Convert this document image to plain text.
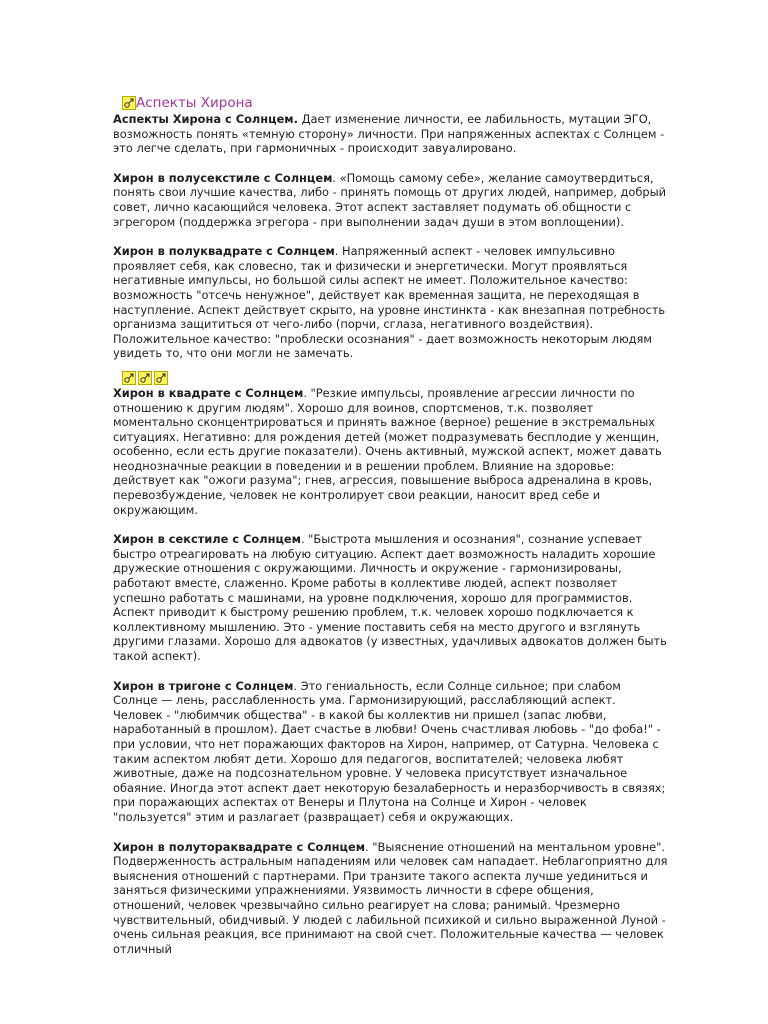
Аспекты Хирона

Аспекты Хирона с Солнцем. Дает изменение личности, ее лабильность, мутации ЭГО, возможность понять «темную сторону» личности. При напряженных аспектах с Солнцем - это легче сделать, при гармоничных - происходит завуалировано.

Хирон в полусекстиле с Солнцем. «Помощь самому себе», желание самоутвердиться, понять свои лучшие качества, либо - принять помощь от других людей, например, добрый совет, лично касающийся человека. Этот аспект заставляет подумать об общности с эгрегором (поддержка эгрегора - при выполнении задач души в этом воплощении).

Хирон в полуквадрате с Солнцем. Напряженный аспект - человек импульсивно проявляет себя, как словесно, так и физически и энергетически. Могут проявляться негативные импульсы, но большой силы аспект не имеет. Положительное качество: возможность "отсечь ненужное", действует как временная защита, не переходящая в наступление. Аспект действует скрыто, на уровне инстинкта - как внезапная потребность организма защититься от чего-либо (порчи, сглаза, негативного воздействия). Положительное качество: "проблески осознания" - дает возможность некоторым людям увидеть то, что они могли не замечать.

Хирон в квадрате с Солнцем. "Резкие импульсы, проявление агрессии личности по отношению к другим людям". Хорошо для воинов, спортсменов, т.к. позволяет моментально сконцентрироваться и принять важное (верное) решение в экстремальных ситуациях. Негативно: для рождения детей (может подразумевать бесплодие у женщин, особенно, если есть другие показатели). Очень активный, мужской аспект, может давать неоднозначные реакции в поведении и в решении проблем. Влияние на здоровье: действует как "ожоги разума"; гнев, агрессия, повышение выброса адреналина в кровь, перевозбуждение, человек не контролирует свои реакции, наносит вред себе и окружающим.

Хирон в секстиле с Солнцем. "Быстрота мышления и осознания", сознание успевает быстро отреагировать на любую ситуацию. Аспект дает возможность наладить хорошие дружеские отношения с окружающими. Личность и окружение - гармонизированы, работают вместе, слаженно. Кроме работы в коллективе людей, аспект позволяет успешно работать с машинами, на уровне подключения, хорошо для программистов. Аспект приводит к быстрому решению проблем, т.к. человек хорошо подключается к коллективному мышлению. Это - умение поставить себя на место другого и взглянуть другими глазами. Хорошо для адвокатов (у известных, удачливых адвокатов должен быть такой аспект).

Хирон в тригоне с Солнцем. Это гениальность, если Солнце сильное; при слабом Солнце — лень, расслабленность ума. Гармонизирующий, расслабляющий аспект. Человек - "любимчик общества" - в какой бы коллектив ни пришел (запас любви, наработанный в прошлом). Дает счастье в любви! Очень счастливая любовь - "до фоба!" - при условии, что нет поражающих факторов на Хирон, например, от Сатурна. Человека с таким аспектом любят дети. Хорошо для педагогов, воспитателей; человека любят животные, даже на подсознательном уровне. У человека присутствует изначальное обаяние. Иногда этот аспект дает некоторую безалаберность и неразборчивость в связях; при поражающих аспектах от Венеры и Плутона на Солнце и Хирон - человек "пользуется" этим и разлагает (развращает) себя и окружающих.

Хирон в полутораквадрате с Солнцем. "Выяснение отношений на ментальном уровне". Подверженность астральным нападениям или человек сам нападает. Неблагоприятно для выяснения отношений с партнерами. При транзите такого аспекта лучше уединиться и заняться физическими упражнениями. Уязвимость личности в сфере общения, отношений, человек чрезвычайно сильно реагирует на слова; ранимый. Чрезмерно чувствительный, обидчивый. У людей с лабильной психикой и сильно выраженной Луной - очень сильная реакция, все принимают на свой счет. Положительные качества — человек отличный
